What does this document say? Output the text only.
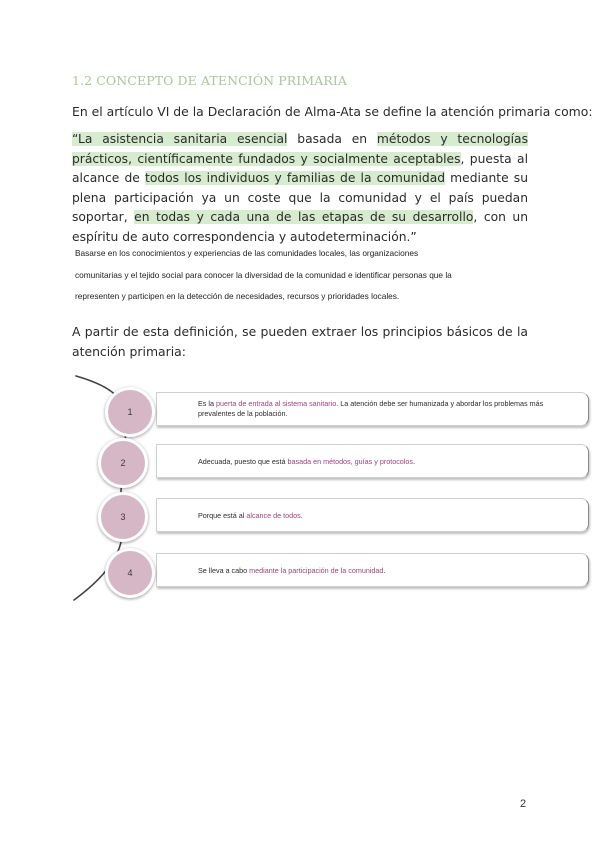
1.2 CONCEPTO DE ATENCIÓN PRIMARIA
En el artículo VI de la Declaración de Alma-Ata se define la atención primaria como:
“La asistencia sanitaria esencial basada en métodos y tecnologías prácticos, científicamente fundados y socialmente aceptables, puesta al alcance de todos los individuos y familias de la comunidad mediante su plena participación ya un coste que la comunidad y el país puedan soportar, en todas y cada una de las etapas de su desarrollo, con un espíritu de auto correspondencia y autodeterminación.”
Basarse en los conocimientos y experiencias de las comunidades locales, las organizaciones
comunitarias y el tejido social para conocer la diversidad de la comunidad e identificar personas que la
representen y participen en la detección de necesidades, recursos y prioridades locales.
A partir de esta definición, se pueden extraer los principios básicos de la atención primaria:
Es la puerta de entrada al sistema sanitario. La atención debe ser humanizada y abordar los problemas más prevalentes de la población.
1
Adecuada, puesto que está basada en métodos, guías y protocolos.
2
Porque está al alcance de todos.
3
Se lleva a cabo mediante la participación de la comunidad.
4
2
